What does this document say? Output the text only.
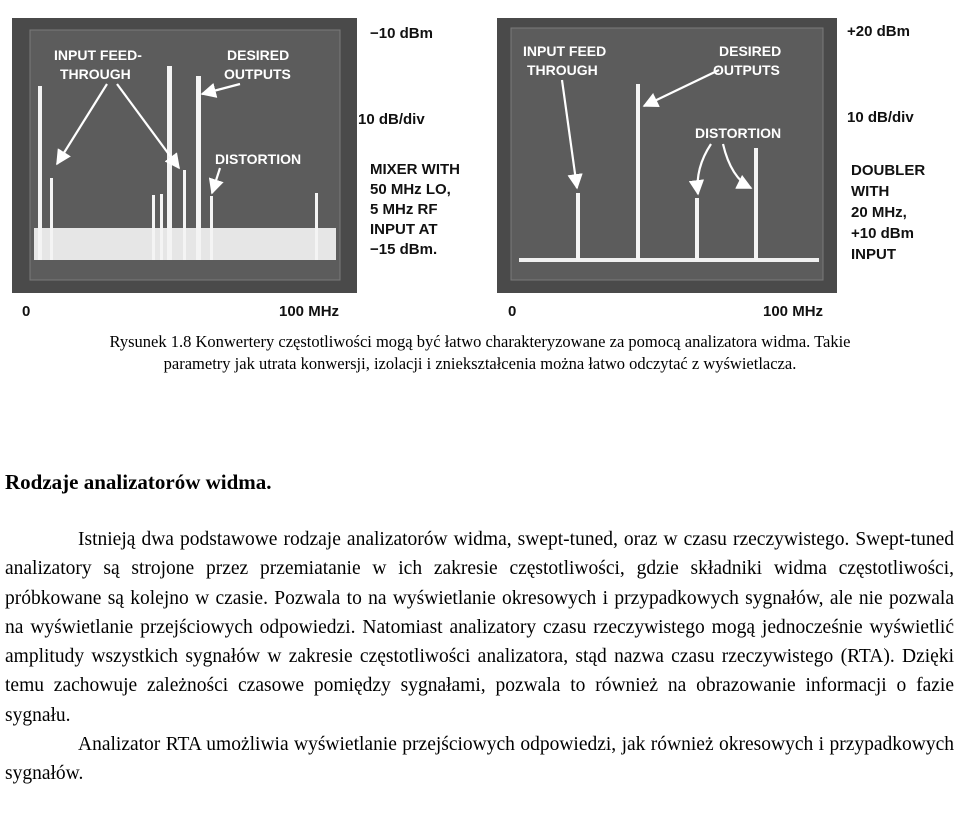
INPUT FEED-
THROUGH
DESIRED
OUTPUTS
DISTORTION
−10 dBm
10 dB/div
MIXER WITH
50 MHz LO,
5 MHz RF
INPUT AT
−15 dBm.
0	100 MHz
INPUT FEED
THROUGH
DESIRED
OUTPUTS
DISTORTION
+20 dBm
10 dB/div
DOUBLER
WITH
20 MHz,
+10 dBm
INPUT
0	100 MHz
Rysunek 1.8 Konwertery częstotliwości mogą być łatwo charakteryzowane za pomocą analizatora widma. Takie
parametry jak utrata konwersji, izolacji i zniekształcenia można łatwo odczytać z wyświetlacza.
Rodzaje analizatorów widma.

Istnieją dwa podstawowe rodzaje analizatorów widma, swept-tuned, oraz w czasu rzeczywistego. Swept-tuned analizatory są strojone przez przemiatanie w ich zakresie częstotliwości, gdzie składniki widma częstotliwości, próbkowane są kolejno w czasie. Pozwala to na wyświetlanie okresowych i przypadkowych sygnałów, ale nie pozwala na wyświetlanie przejściowych odpowiedzi. Natomiast analizatory czasu rzeczywistego mogą jednocześnie wyświetlić amplitudy wszystkich sygnałów w zakresie częstotliwości analizatora, stąd nazwa czasu rzeczywistego (RTA). Dzięki temu zachowuje zależności czasowe pomiędzy sygnałami, pozwala to również na obrazowanie informacji o fazie sygnału.

Analizator RTA umożliwia wyświetlanie przejściowych odpowiedzi, jak również okresowych i przypadkowych sygnałów.
